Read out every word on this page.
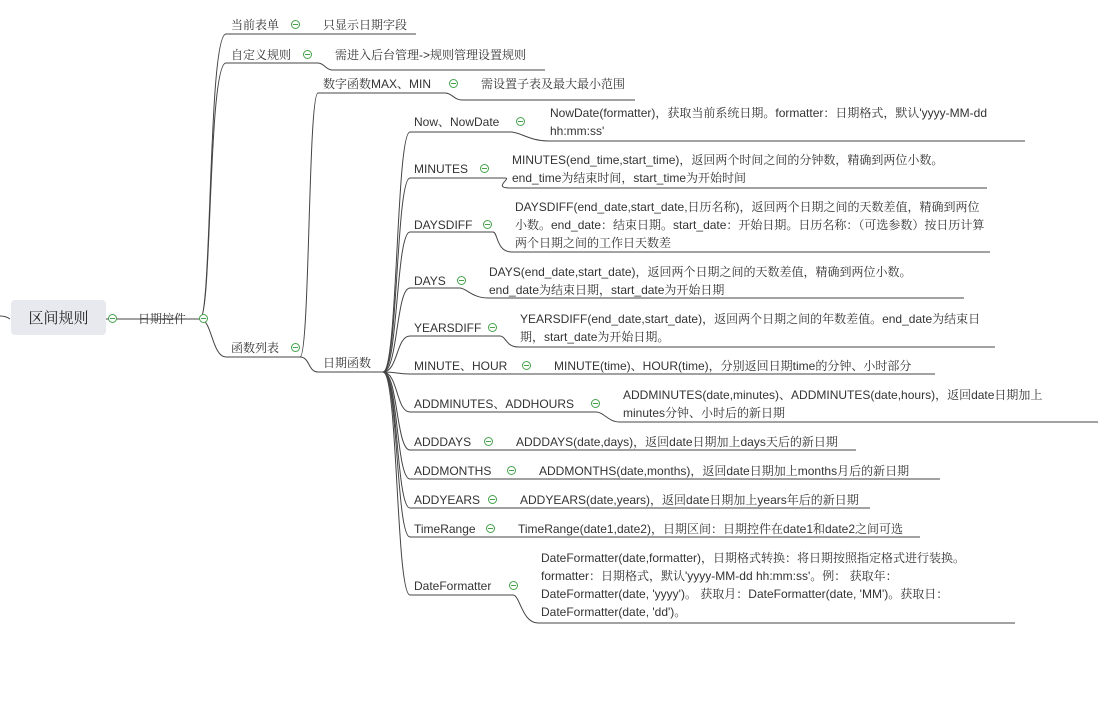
区间规则	日期控件
当前表单	只显示日期字段
自定义规则	需进入后台管理->规则管理设置规则
函数列表
数字函数MAX、MIN	需设置子表及最大最小范围
日期函数
Now、NowDate
NowDate(formatter)，获取当前系统日期。formatter：日期格式，默认'yyyy-MM-dd hh:mm:ss'
MINUTES
MINUTES(end_time,start_time)，返回两个时间之间的分钟数，精确到两位小数。end_time为结束时间，start_time为开始时间
DAYSDIFF
DAYSDIFF(end_date,start_date,日历名称)，返回两个日期之间的天数差值，精确到两位小数。end_date：结束日期。start_date：开始日期。日历名称：（可选参数）按日历计算两个日期之间的工作日天数差
DAYS
DAYS(end_date,start_date)，返回两个日期之间的天数差值，精确到两位小数。end_date为结束日期，start_date为开始日期
YEARSDIFF
YEARSDIFF(end_date,start_date)，返回两个日期之间的年数差值。end_date为结束日期，start_date为开始日期。
MINUTE、HOUR	MINUTE(time)、HOUR(time)，分别返回日期time的分钟、小时部分
ADDMINUTES、ADDHOURS
ADDMINUTES(date,minutes)、ADDMINUTES(date,hours)，返回date日期加上minutes分钟、小时后的新日期
ADDDAYS	ADDDAYS(date,days)，返回date日期加上days天后的新日期
ADDMONTHS	ADDMONTHS(date,months)，返回date日期加上months月后的新日期
ADDYEARS	ADDYEARS(date,years)，返回date日期加上years年后的新日期
TimeRange	TimeRange(date1,date2)，日期区间：日期控件在date1和date2之间可选
DateFormatter
DateFormatter(date,formatter)，日期格式转换：将日期按照指定格式进行装换。formatter：日期格式，默认'yyyy-MM-dd hh:mm:ss'。例： 获取年：DateFormatter(date, 'yyyy')。 获取月：DateFormatter(date, 'MM')。获取日：DateFormatter(date, 'dd')。
